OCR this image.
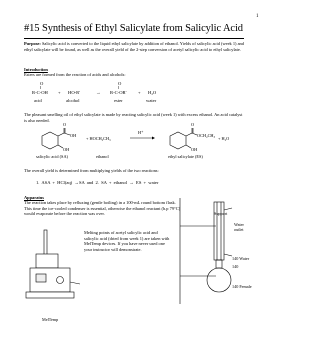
1
#15 Synthesis of Ethyl Salicylate from Salicylic Acid
Purpose: Salicylic acid is converted to the liquid ethyl salicylate by addition of ethanol. Yields of salicylic acid (week 1) and ethyl salicylate will be found, as well as the overall yield of the 2-step conversion of acetyl salicylic acid to ethyl salicylate.
Introduction
Esters are formed from the reaction of acids and alcohols:
O
‖
R-C-OH + HO-R'	→
O
‖
R-C-OR'	+ H₂O
acid	alcohol	ester	water
The pleasant smelling oil of ethyl salicylate is made by reacting salicylic acid (week 1) with excess ethanol. An acid catalyst is also needed.
O
OH
OH
+ HOCH₂CH₃
H⁺
O
OCH₂CH₃
OH
+ H₂O
salicylic acid (SA)	ethanol	ethyl salicylate (ES)
The overall yield is determined from multiplying yields of the two reactions:
1. ASA + HCl(aq) →SA and 2. SA + ethanol → ES + water
Apparatus
The reaction takes place by refluxing (gentle boiling) in a 100-mL round bottom flask. This time the ice-cooled condenser is essential, otherwise the ethanol reactant (b.p 79°C) would evaporate before the reaction was over.
MelTemp
Melting points of acetyl salicylic acid and salicylic acid (dried from week 1) are taken with MelTemp devices. If you have never used one your instructor will demonstrate.
Support
Water
outlet
140 Water
140
140 Female
